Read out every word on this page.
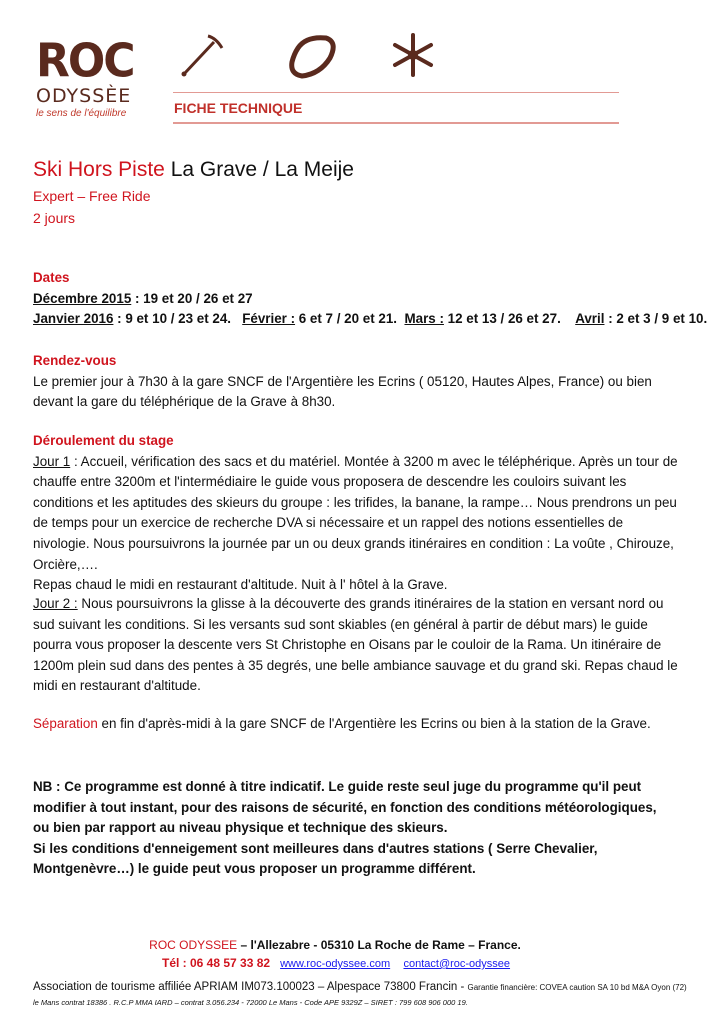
ROC
ODYSSÈE
le sens de l'équilibre	FICHE TECHNIQUE
Ski Hors Piste La Grave / La Meije
Expert – Free Ride
2 jours

Dates

Décembre 2015 : 19 et 20 / 26 et 27

Janvier 2016 : 9 et 10 / 23 et 24.   Février : 6 et 7 / 20 et 21.  Mars : 12 et 13 / 26 et 27.    Avril : 2 et 3 / 9 et 10.

Rendez-vous

Le premier jour à 7h30 à la gare SNCF de l'Argentière les Ecrins ( 05120, Hautes Alpes, France) ou bien devant la gare du téléphérique de la Grave à 8h30.

Déroulement du stage

Jour 1 : Accueil, vérification des sacs et du matériel. Montée à 3200 m avec le téléphérique. Après un tour de chauffe entre 3200m et l'intermédiaire le guide vous proposera de descendre les couloirs suivant les conditions et les aptitudes des skieurs du groupe : les trifides, la banane, la rampe… Nous prendrons un peu de temps pour un exercice de recherche DVA si nécessaire et un rappel des notions essentielles de nivologie. Nous poursuivrons la journée par un ou deux grands itinéraires en condition : La voûte , Chirouze, Orcière,….

Repas chaud le midi en restaurant d'altitude. Nuit à l' hôtel à la Grave.

Jour 2 : Nous poursuivrons la glisse à la découverte des grands itinéraires de la station en versant nord ou sud suivant les conditions. Si les versants sud sont skiables (en général à partir de début mars) le guide pourra vous proposer la descente vers St Christophe en Oisans par le couloir de la Rama. Un itinéraire de 1200m plein sud dans des pentes à 35 degrés, une belle ambiance sauvage et du grand ski. Repas chaud le midi en restaurant d'altitude.

Séparation en fin d'après-midi à la gare SNCF de l'Argentière les Ecrins ou bien à la station de la Grave.

NB : Ce programme est donné à titre indicatif. Le guide reste seul juge du programme qu'il peut modifier à tout instant, pour des raisons de sécurité, en fonction des conditions météorologiques, ou bien par rapport au niveau physique et technique des skieurs.

Si les conditions d'enneigement sont meilleures dans d'autres stations ( Serre Chevalier, Montgenèvre…) le guide peut vous proposer un programme différent.

ROC ODYSSEE – l'Allezabre - 05310 La Roche de Rame – France.
Tél : 06 48 57 33 82 www.roc-odyssee.com contact@roc-odyssee
Association de tourisme affiliée APRIAM IM073.100023 – Alpespace 73800 Francin - Garantie financière: COVEA caution SA 10 bd M&A Oyon (72)
le Mans contrat 18386 . R.C.P MMA IARD – contrat 3.056.234 - 72000 Le Mans - Code APE 9329Z – SIRET : 799 608 906 000 19.
